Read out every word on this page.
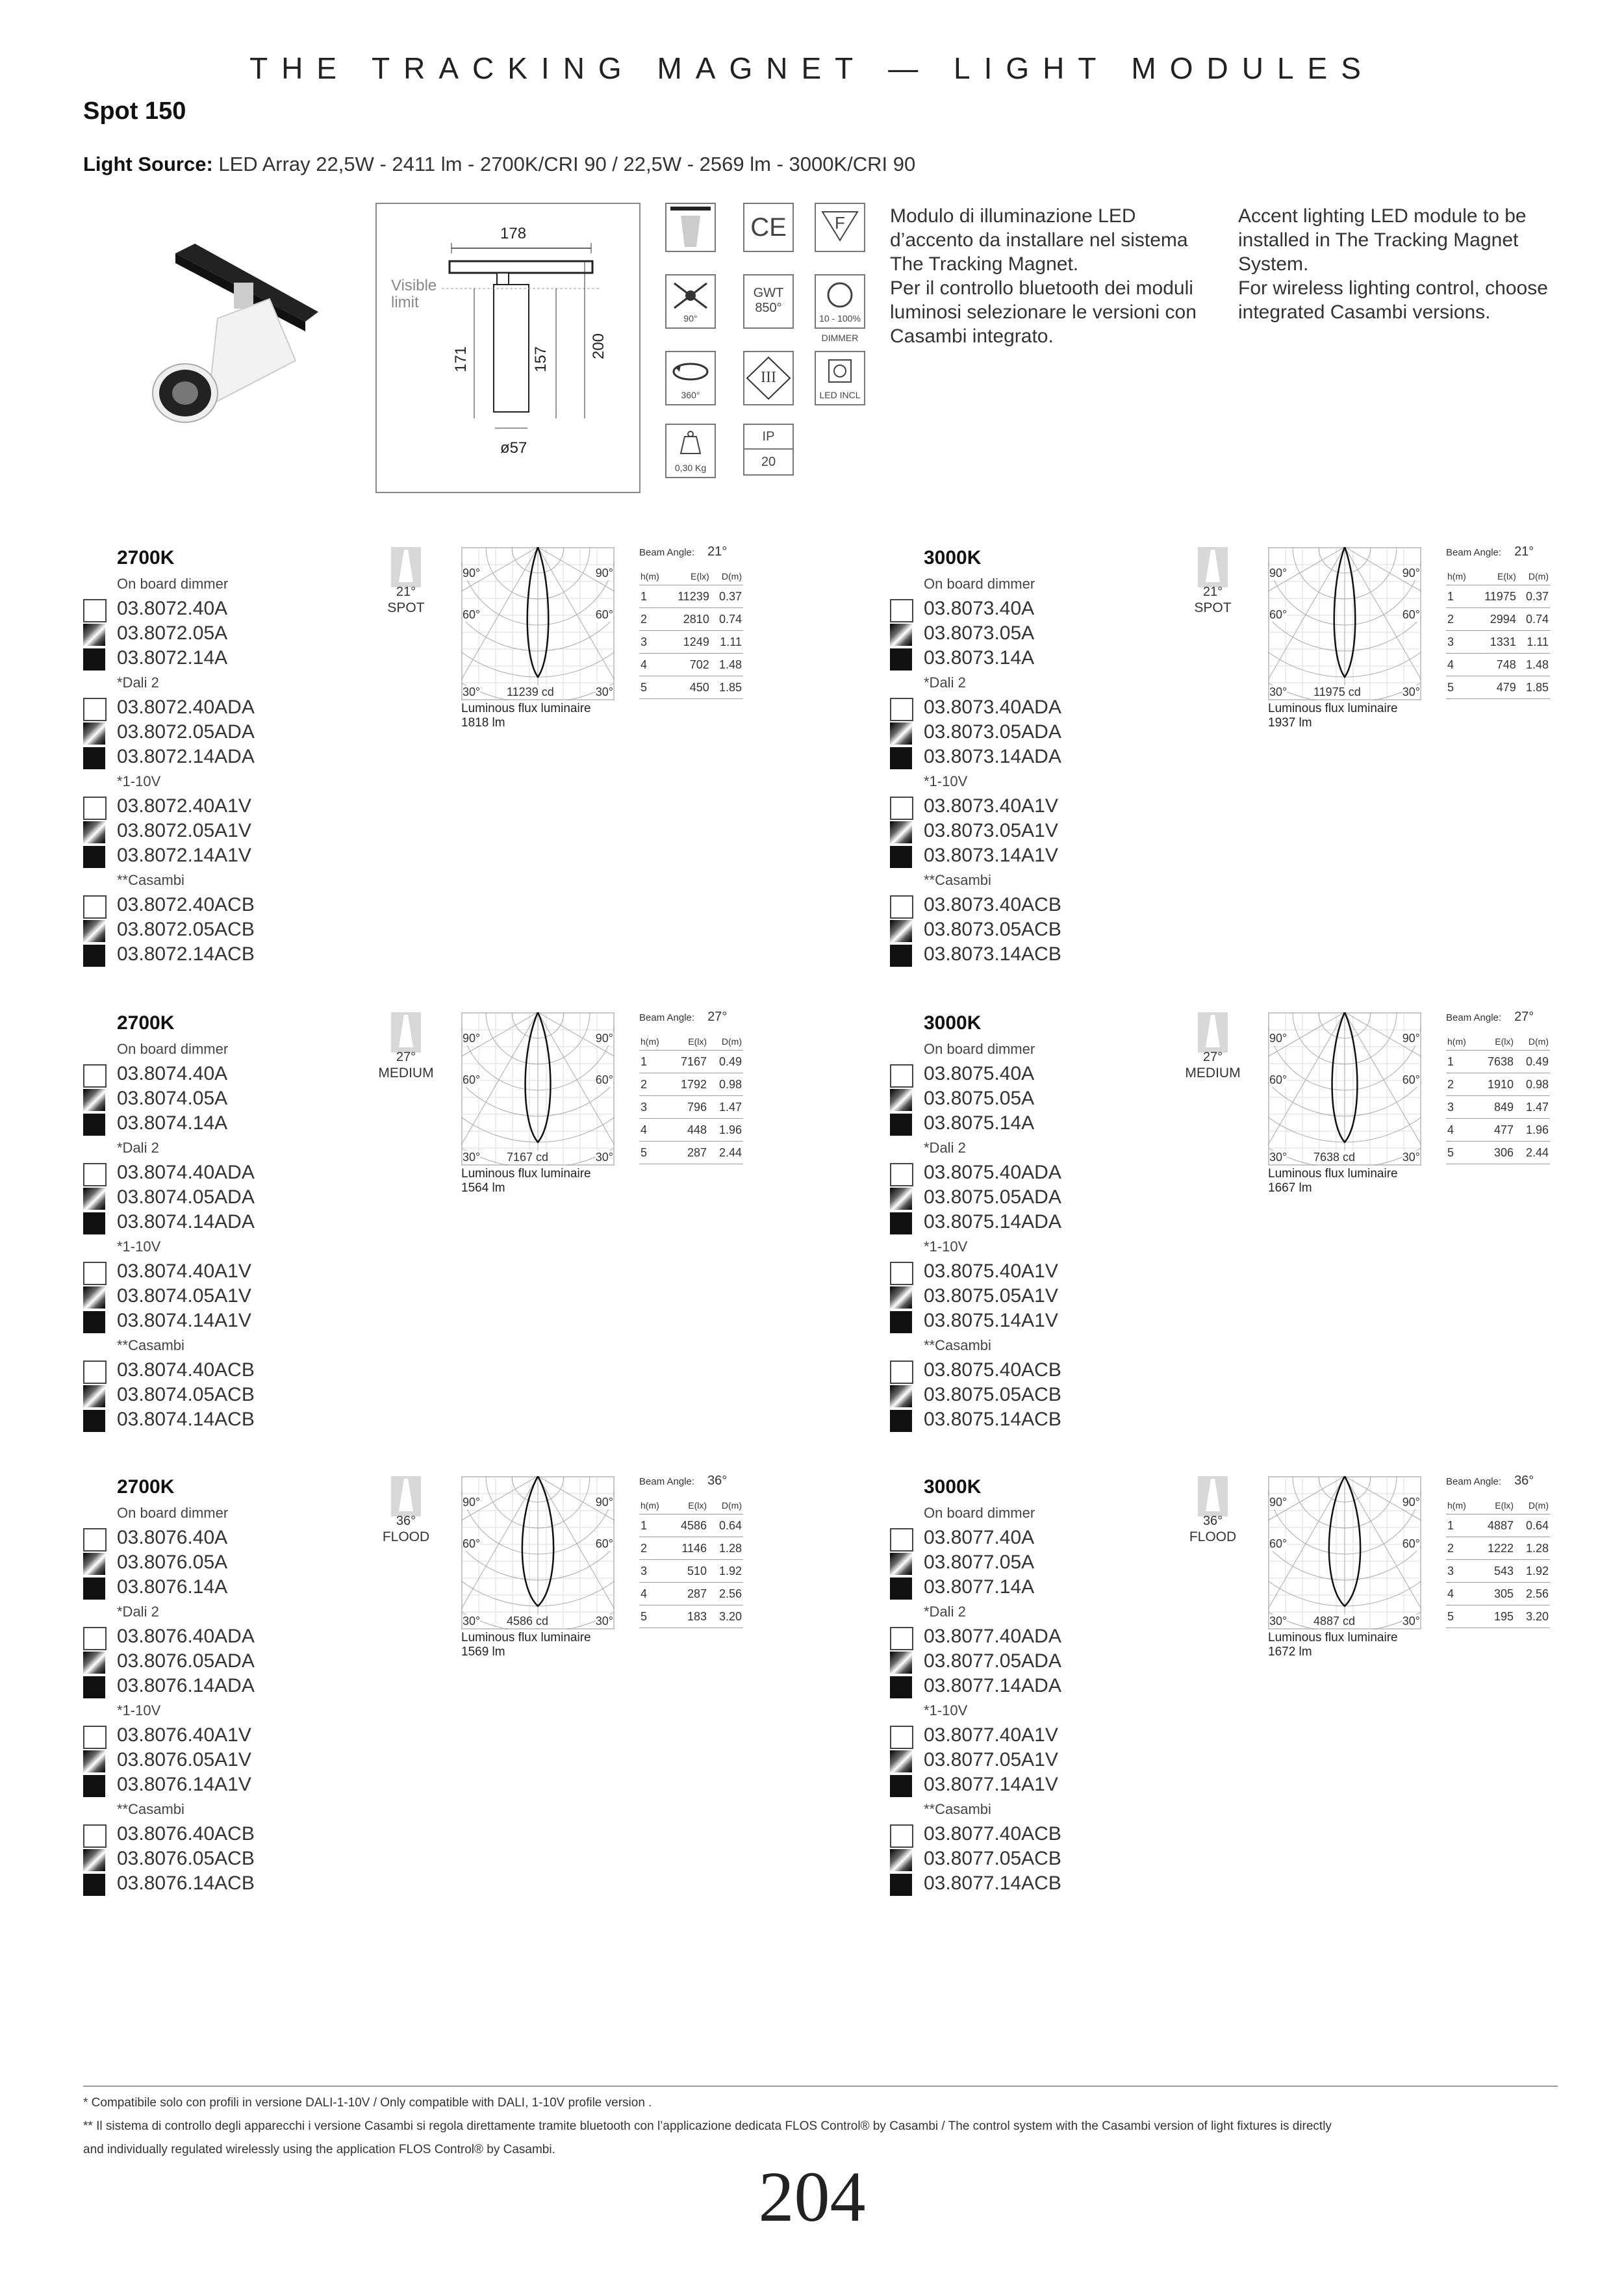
THE TRACKING MAGNET — LIGHT MODULES
Spot 150
Light Source: LED Array 22,5W - 2411 lm - 2700K/CRI 90 / 22,5W - 2569 lm - 3000K/CRI 90
178
Visible
limit
171	157	200
ø57
CE	F
90°
GWT
850°
10 - 100%
DIMMER
360°
III
LED INCL
0,30 Kg
IP
20
Modulo di illuminazione LED
d’accento da installare nel sistema
The Tracking Magnet.
Per il controllo bluetooth dei moduli
luminosi selezionare le versioni con
Casambi integrato.
Accent lighting LED module to be
installed in The Tracking Magnet
System.
For wireless lighting control, choose
integrated Casambi versions.
2700K
On board dimmer
03.8072.40A
03.8072.05A
03.8072.14A
*Dali 2
03.8072.40ADA
03.8072.05ADA
03.8072.14ADA
*1-10V
03.8072.40A1V
03.8072.05A1V
03.8072.14A1V
**Casambi
03.8072.40ACB
03.8072.05ACB
03.8072.14ACB
21°
SPOT
90°	90°
60°	60°
30°	30°
11239 cd
Luminous flux luminaire
1818 lm
Beam Angle: 21°
h(m)	E(lx)	D(m)
1	11239	0.37
2	2810	0.74
3	1249	1.11
4	702	1.48
5	450	1.85
3000K
On board dimmer
03.8073.40A
03.8073.05A
03.8073.14A
*Dali 2
03.8073.40ADA
03.8073.05ADA
03.8073.14ADA
*1-10V
03.8073.40A1V
03.8073.05A1V
03.8073.14A1V
**Casambi
03.8073.40ACB
03.8073.05ACB
03.8073.14ACB
21°
SPOT
90°	90°
60°	60°
30°	30°
11975 cd
Luminous flux luminaire
1937 lm
Beam Angle: 21°
h(m)	E(lx)	D(m)
1	11975	0.37
2	2994	0.74
3	1331	1.11
4	748	1.48
5	479	1.85
2700K
On board dimmer
03.8074.40A
03.8074.05A
03.8074.14A
*Dali 2
03.8074.40ADA
03.8074.05ADA
03.8074.14ADA
*1-10V
03.8074.40A1V
03.8074.05A1V
03.8074.14A1V
**Casambi
03.8074.40ACB
03.8074.05ACB
03.8074.14ACB
27°
MEDIUM
90°	90°
60°	60°
30°	30°
7167 cd
Luminous flux luminaire
1564 lm
Beam Angle: 27°
h(m)	E(lx)	D(m)
1	7167	0.49
2	1792	0.98
3	796	1.47
4	448	1.96
5	287	2.44
3000K
On board dimmer
03.8075.40A
03.8075.05A
03.8075.14A
*Dali 2
03.8075.40ADA
03.8075.05ADA
03.8075.14ADA
*1-10V
03.8075.40A1V
03.8075.05A1V
03.8075.14A1V
**Casambi
03.8075.40ACB
03.8075.05ACB
03.8075.14ACB
27°
MEDIUM
90°	90°
60°	60°
30°	30°
7638 cd
Luminous flux luminaire
1667 lm
Beam Angle: 27°
h(m)	E(lx)	D(m)
1	7638	0.49
2	1910	0.98
3	849	1.47
4	477	1.96
5	306	2.44
2700K
On board dimmer
03.8076.40A
03.8076.05A
03.8076.14A
*Dali 2
03.8076.40ADA
03.8076.05ADA
03.8076.14ADA
*1-10V
03.8076.40A1V
03.8076.05A1V
03.8076.14A1V
**Casambi
03.8076.40ACB
03.8076.05ACB
03.8076.14ACB
36°
FLOOD
90°	90°
60°	60°
30°	30°
4586 cd
Luminous flux luminaire
1569 lm
Beam Angle: 36°
h(m)	E(lx)	D(m)
1	4586	0.64
2	1146	1.28
3	510	1.92
4	287	2.56
5	183	3.20
3000K
On board dimmer
03.8077.40A
03.8077.05A
03.8077.14A
*Dali 2
03.8077.40ADA
03.8077.05ADA
03.8077.14ADA
*1-10V
03.8077.40A1V
03.8077.05A1V
03.8077.14A1V
**Casambi
03.8077.40ACB
03.8077.05ACB
03.8077.14ACB
36°
FLOOD
90°	90°
60°	60°
30°	30°
4887 cd
Luminous flux luminaire
1672 lm
Beam Angle: 36°
h(m)	E(lx)	D(m)
1	4887	0.64
2	1222	1.28
3	543	1.92
4	305	2.56
5	195	3.20
* Compatibile solo con profili in versione DALI-1-10V / Only compatible with DALI, 1-10V profile version .
** Il sistema di controllo degli apparecchi i versione Casambi si regola direttamente tramite bluetooth con l’applicazione dedicata FLOS Control® by Casambi / The control system with the Casambi version of light fixtures is directly
and individually regulated wirelessly using the application FLOS Control® by Casambi.
204
